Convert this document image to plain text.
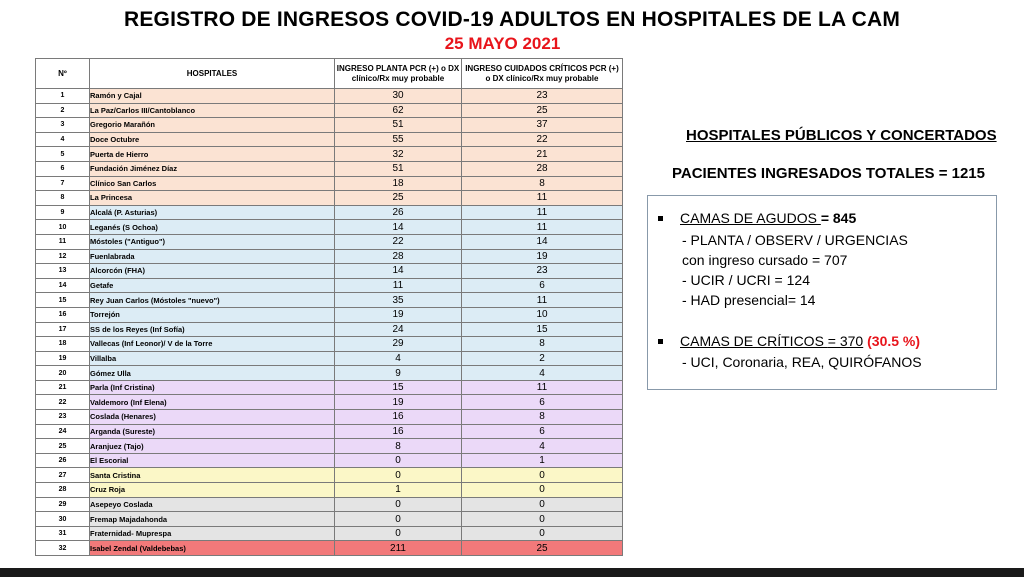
REGISTRO DE INGRESOS COVID-19 ADULTOS EN HOSPITALES DE LA CAM
25 MAYO 2021
Nº	HOSPITALES	INGRESO PLANTA PCR (+) o DX clínico/Rx muy probable	INGRESO CUIDADOS CRÍTICOS PCR (+) o DX clínico/Rx muy probable
1	Ramón y Cajal	30	23
2	La Paz/Carlos III/Cantoblanco	62	25
3	Gregorio Marañón	51	37
4	Doce Octubre	55	22
5	Puerta de Hierro	32	21
6	Fundación Jiménez Díaz	51	28
7	Clínico San Carlos	18	8
8	La Princesa	25	11
9	Alcalá (P. Asturias)	26	11
10	Leganés (S Ochoa)	14	11
11	Móstoles ("Antiguo")	22	14
12	Fuenlabrada	28	19
13	Alcorcón (FHA)	14	23
14	Getafe	11	6
15	Rey Juan Carlos (Móstoles "nuevo")	35	11
16	Torrejón	19	10
17	SS de los Reyes (Inf Sofía)	24	15
18	Vallecas (Inf Leonor)/ V de la Torre	29	8
19	Villalba	4	2
20	Gómez Ulla	9	4
21	Parla (Inf Cristina)	15	11
22	Valdemoro (Inf Elena)	19	6
23	Coslada (Henares)	16	8
24	Arganda (Sureste)	16	6
25	Aranjuez (Tajo)	8	4
26	El Escorial	0	1
27	Santa Cristina	0	0
28	Cruz Roja	1	0
29	Asepeyo Coslada	0	0
30	Fremap Majadahonda	0	0
31	Fraternidad- Muprespa	0	0
32	Isabel Zendal (Valdebebas)	211	25
HOSPITALES PÚBLICOS Y CONCERTADOS
PACIENTES INGRESADOS TOTALES = 1215
CAMAS DE AGUDOS = 845
- PLANTA / OBSERV / URGENCIAS
con ingreso cursado = 707
- UCIR / UCRI = 124
- HAD presencial= 14
CAMAS DE CRÍTICOS = 370 (30.5 %)
- UCI, Coronaria, REA, QUIRÓFANOS
